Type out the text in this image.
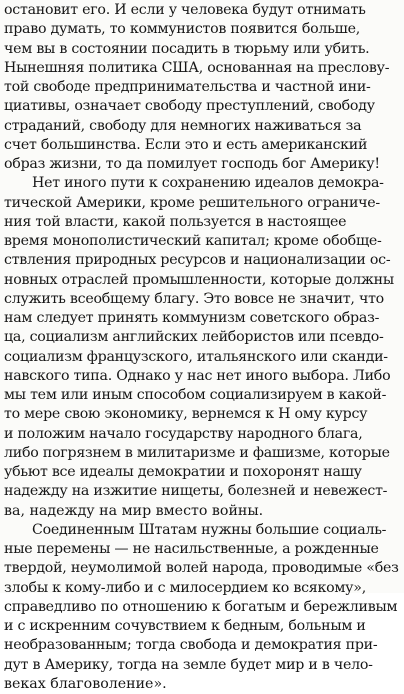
остановит его. И если у человека будут отнимать
право думать, то коммунистов появится больше,
чем вы в состоянии посадить в тюрьму или убить.
Нынешняя политика США, основанная на преслову-
той свободе предпринимательства и частной ини-
циативы, означает свободу преступлений, свободу
страданий, свободу для немногих наживаться за
счет большинства. Если это и есть американский
образ жизни, то да помилует господь бог Америку!
Нет иного пути к сохранению идеалов демокра-
тической Америки, кроме решительного ограниче-
ния той власти, какой пользуется в настоящее
время монополистический капитал; кроме обобще-
ствления природных ресурсов и национализации ос-
новных отраслей промышленности, которые должны
служить всеобщему благу. Это вовсе не значит, что
нам следует принять коммунизм советского образ-
ца, социализм английских лейбористов или псевдо-
социализм французского, итальянского или сканди-
навского типа. Однако у нас нет иного выбора. Либо
мы тем или иным способом социализируем в какой-
то мере свою экономику, вернемся к Н ому курсу
и положим начало государству народного блага,
либо погрязнем в милитаризме и фашизме, которые
убьют все идеалы демократии и похоронят нашу
надежду на изжитие нищеты, болезней и невежест-
ва, надежду на мир вместо войны.
Соединенным Штатам нужны большие социаль-
ные перемены — не насильственные, а рожденные
твердой, неумолимой волей народа, проводимые «без
злобы к кому-либо и с милосердием ко всякому»,
справедливо по отношению к богатым и бережливым
и с искренним сочувствием к бедным, больным и
необразованным; тогда свобода и демократия при-
дут в Америку, тогда на земле будет мир и в чело-
веках благоволение».
